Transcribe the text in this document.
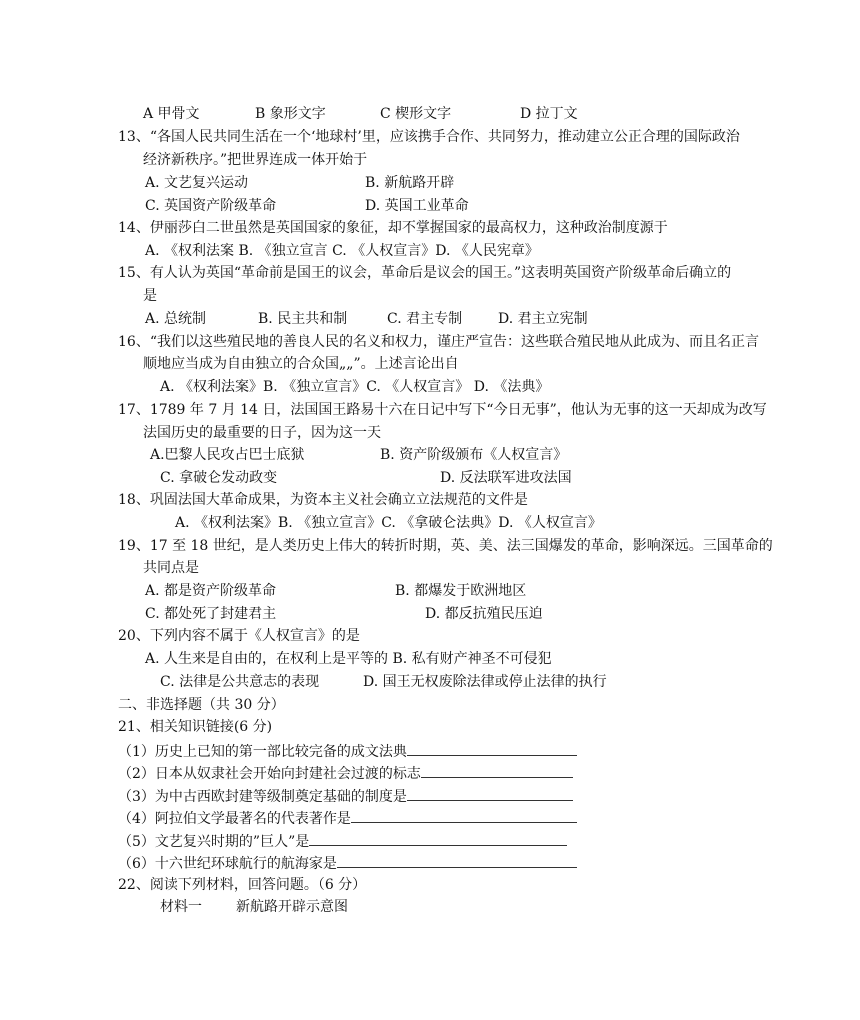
A 甲骨文	B 象形文字	C 楔形文字	D 拉丁文
13、“各国人民共同生活在一个‘地球村’里，应该携手合作、共同努力，推动建立公正合理的国际政治
经济新秩序。”把世界连成一体开始于
A. 文艺复兴运动	B. 新航路开辟
C. 英国资产阶级革命	D. 英国工业革命
14、伊丽莎白二世虽然是英国国家的象征，却不掌握国家的最高权力，这种政治制度源于
A. 《权利法案 B. 《独立宣言 C. 《人权宣言》D. 《人民宪章》
15、有人认为英国“革命前是国王的议会，革命后是议会的国王。”这表明英国资产阶级革命后确立的
是
A. 总统制	B. 民主共和制	C. 君主专制	D. 君主立宪制
16、“我们以这些殖民地的善良人民的名义和权力，谨庄严宣告：这些联合殖民地从此成为、而且名正言
顺地应当成为自由独立的合众国„„”。上述言论出自
A. 《权利法案》B. 《独立宣言》C. 《人权宣言》 D. 《法典》
17、1789 年 7 月 14 日，法国国王路易十六在日记中写下“今日无事”，他认为无事的这一天却成为改写
法国历史的最重要的日子，因为这一天
A.巴黎人民攻占巴士底狱	B. 资产阶级颁布《人权宣言》
C. 拿破仑发动政变	D. 反法联军进攻法国
18、巩固法国大革命成果，为资本主义社会确立立法规范的文件是
A. 《权利法案》B. 《独立宣言》C. 《拿破仑法典》D. 《人权宣言》
19、17 至 18 世纪，是人类历史上伟大的转折时期，英、美、法三国爆发的革命，影响深远。三国革命的
共同点是
A. 都是资产阶级革命	B. 都爆发于欧洲地区
C. 都处死了封建君主	D. 都反抗殖民压迫
20、下列内容不属于《人权宣言》的是
A. 人生来是自由的，在权利上是平等的 B. 私有财产神圣不可侵犯
C. 法律是公共意志的表现	D. 国王无权废除法律或停止法律的执行
二、非选择题（共 30 分）
21、相关知识链接(6 分)
（1）历史上已知的第一部比较完备的成文法典
（2）日本从奴隶社会开始向封建社会过渡的标志
（3）为中古西欧封建等级制奠定基础的制度是
（4）阿拉伯文学最著名的代表著作是
（5）文艺复兴时期的”巨人”是
（6）十六世纪环球航行的航海家是
22、阅读下列材料，回答问题。（6 分）
材料一 新航路开辟示意图
